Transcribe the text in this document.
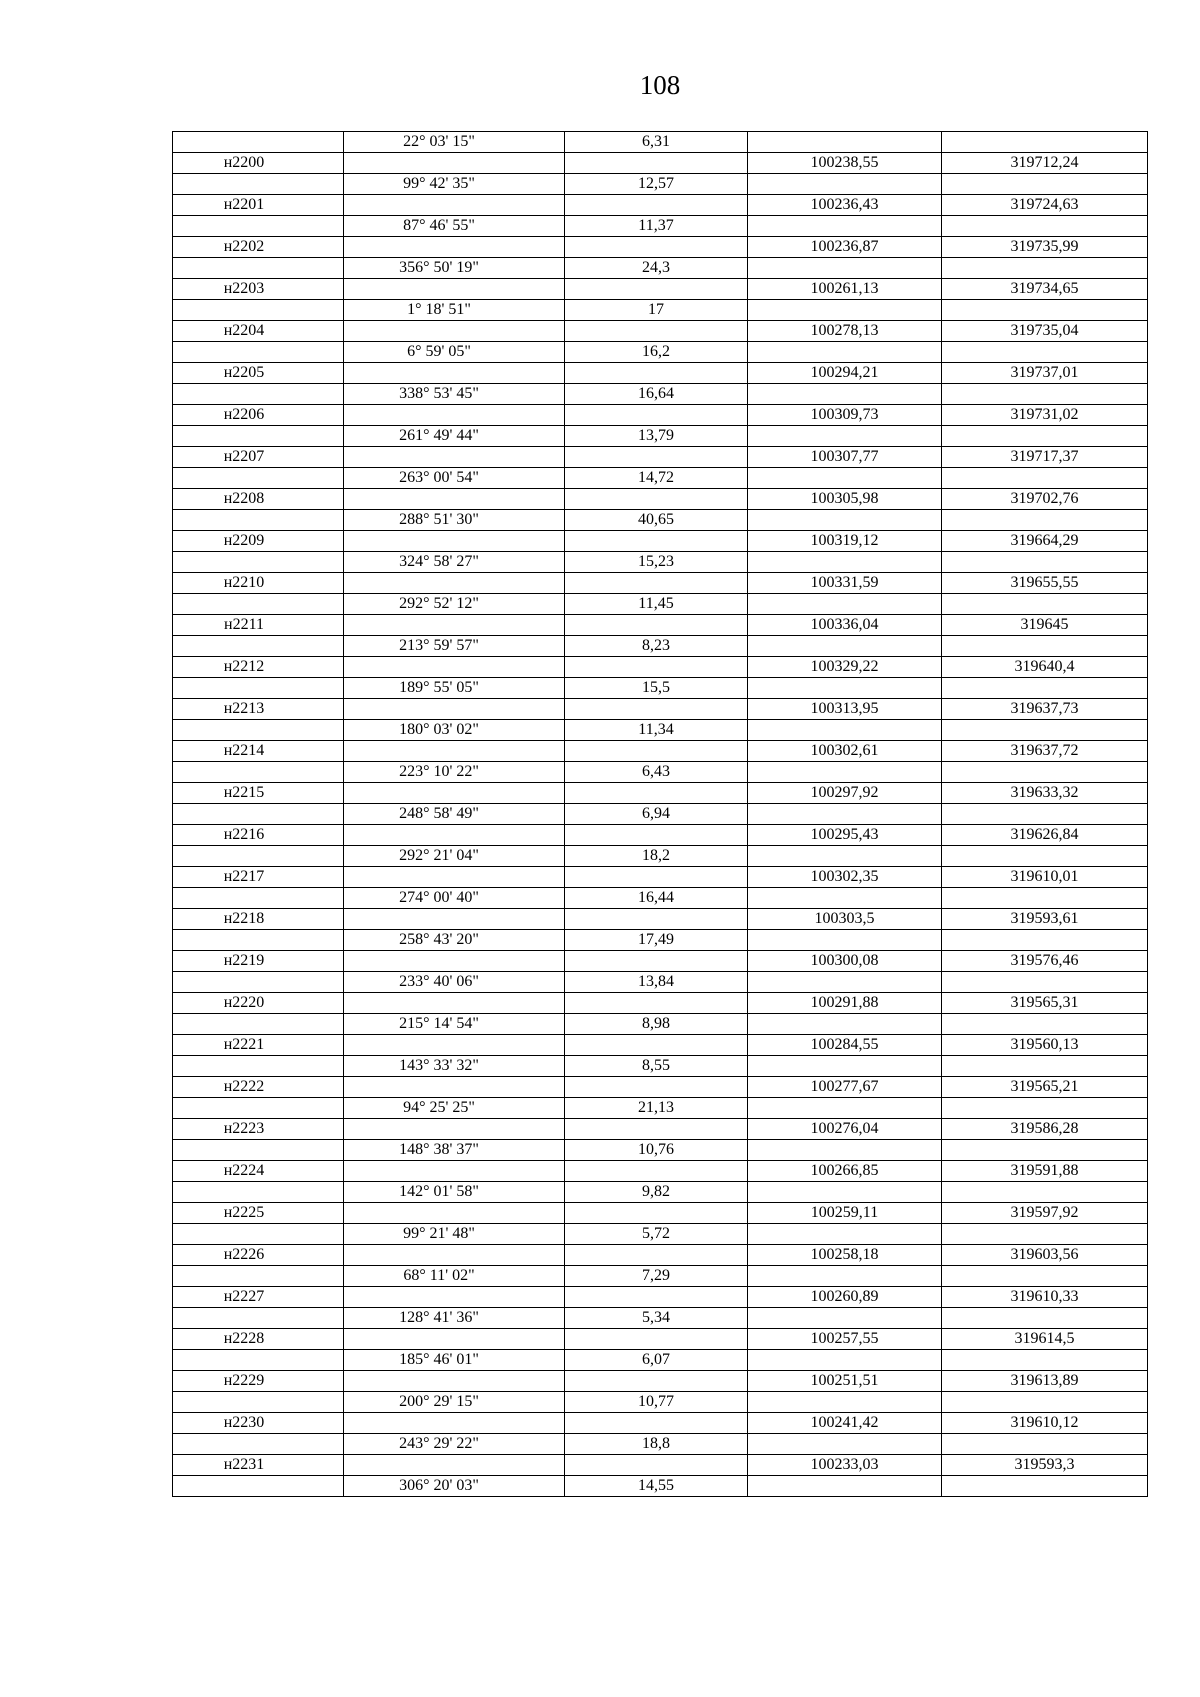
108
	22° 03' 15"	6,31		
н2200			100238,55	319712,24
	99° 42' 35"	12,57		
н2201			100236,43	319724,63
	87° 46' 55"	11,37		
н2202			100236,87	319735,99
	356° 50' 19"	24,3		
н2203			100261,13	319734,65
	1° 18' 51"	17		
н2204			100278,13	319735,04
	6° 59' 05"	16,2		
н2205			100294,21	319737,01
	338° 53' 45"	16,64		
н2206			100309,73	319731,02
	261° 49' 44"	13,79		
н2207			100307,77	319717,37
	263° 00' 54"	14,72		
н2208			100305,98	319702,76
	288° 51' 30"	40,65		
н2209			100319,12	319664,29
	324° 58' 27"	15,23		
н2210			100331,59	319655,55
	292° 52' 12"	11,45		
н2211			100336,04	319645
	213° 59' 57"	8,23		
н2212			100329,22	319640,4
	189° 55' 05"	15,5		
н2213			100313,95	319637,73
	180° 03' 02"	11,34		
н2214			100302,61	319637,72
	223° 10' 22"	6,43		
н2215			100297,92	319633,32
	248° 58' 49"	6,94		
н2216			100295,43	319626,84
	292° 21' 04"	18,2		
н2217			100302,35	319610,01
	274° 00' 40"	16,44		
н2218			100303,5	319593,61
	258° 43' 20"	17,49		
н2219			100300,08	319576,46
	233° 40' 06"	13,84		
н2220			100291,88	319565,31
	215° 14' 54"	8,98		
н2221			100284,55	319560,13
	143° 33' 32"	8,55		
н2222			100277,67	319565,21
	94° 25' 25"	21,13		
н2223			100276,04	319586,28
	148° 38' 37"	10,76		
н2224			100266,85	319591,88
	142° 01' 58"	9,82		
н2225			100259,11	319597,92
	99° 21' 48"	5,72		
н2226			100258,18	319603,56
	68° 11' 02"	7,29		
н2227			100260,89	319610,33
	128° 41' 36"	5,34		
н2228			100257,55	319614,5
	185° 46' 01"	6,07		
н2229			100251,51	319613,89
	200° 29' 15"	10,77		
н2230			100241,42	319610,12
	243° 29' 22"	18,8		
н2231			100233,03	319593,3
	306° 20' 03"	14,55		
